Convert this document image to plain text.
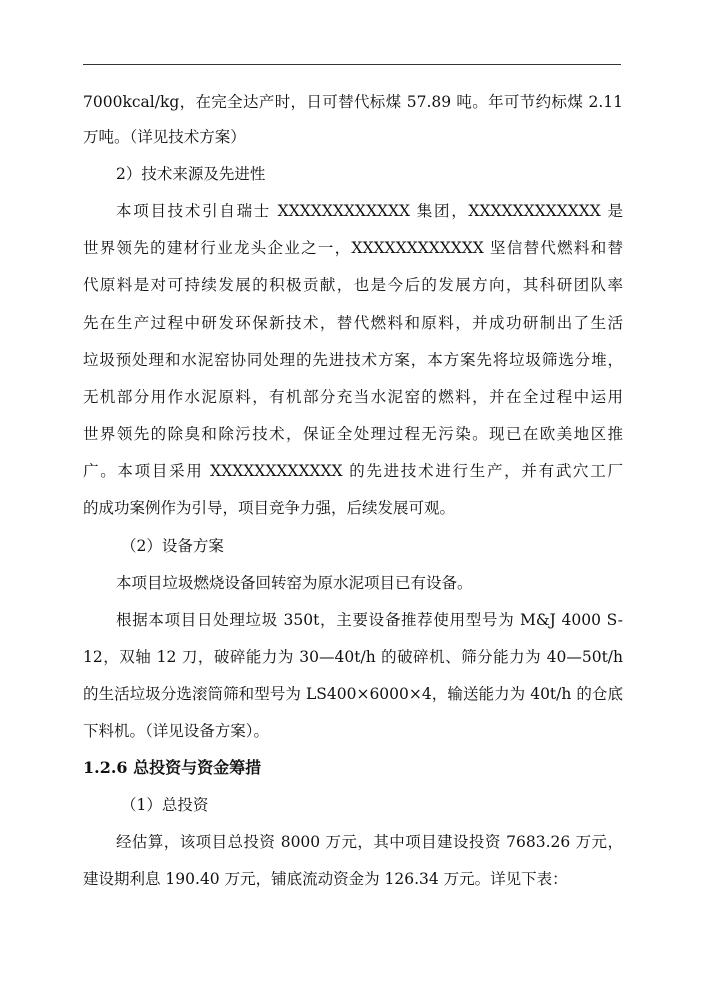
7000kcal/kg，在完全达产时，日可替代标煤 57.89 吨。年可节约标煤 2.11
万吨。（详见技术方案）
2）技术来源及先进性
本项目技术引自瑞士 XXXXXXXXXXXX 集团，XXXXXXXXXXXX 是
世界领先的建材行业龙头企业之一，XXXXXXXXXXXX 坚信替代燃料和替
代原料是对可持续发展的积极贡献，也是今后的发展方向，其科研团队率
先在生产过程中研发环保新技术，替代燃料和原料，并成功研制出了生活
垃圾预处理和水泥窑协同处理的先进技术方案，本方案先将垃圾筛选分堆，
无机部分用作水泥原料，有机部分充当水泥窑的燃料，并在全过程中运用
世界领先的除臭和除污技术，保证全处理过程无污染。现已在欧美地区推
广。本项目采用 XXXXXXXXXXXX 的先进技术进行生产，并有武穴工厂
的成功案例作为引导，项目竞争力强，后续发展可观。
（2）设备方案
本项目垃圾燃烧设备回转窑为原水泥项目已有设备。
根据本项目日处理垃圾 350t，主要设备推荐使用型号为 M&J 4000 S-
12，双轴 12 刀，破碎能力为 30—40t/h 的破碎机、筛分能力为 40—50t/h
的生活垃圾分选滚筒筛和型号为 LS400×6000×4，输送能力为 40t/h 的仓底
下料机。（详见设备方案）。
1.2.6 总投资与资金筹措
（1）总投资
经估算，该项目总投资 8000 万元，其中项目建设投资 7683.26 万元，
建设期利息 190.40 万元，铺底流动资金为 126.34 万元。详见下表：
